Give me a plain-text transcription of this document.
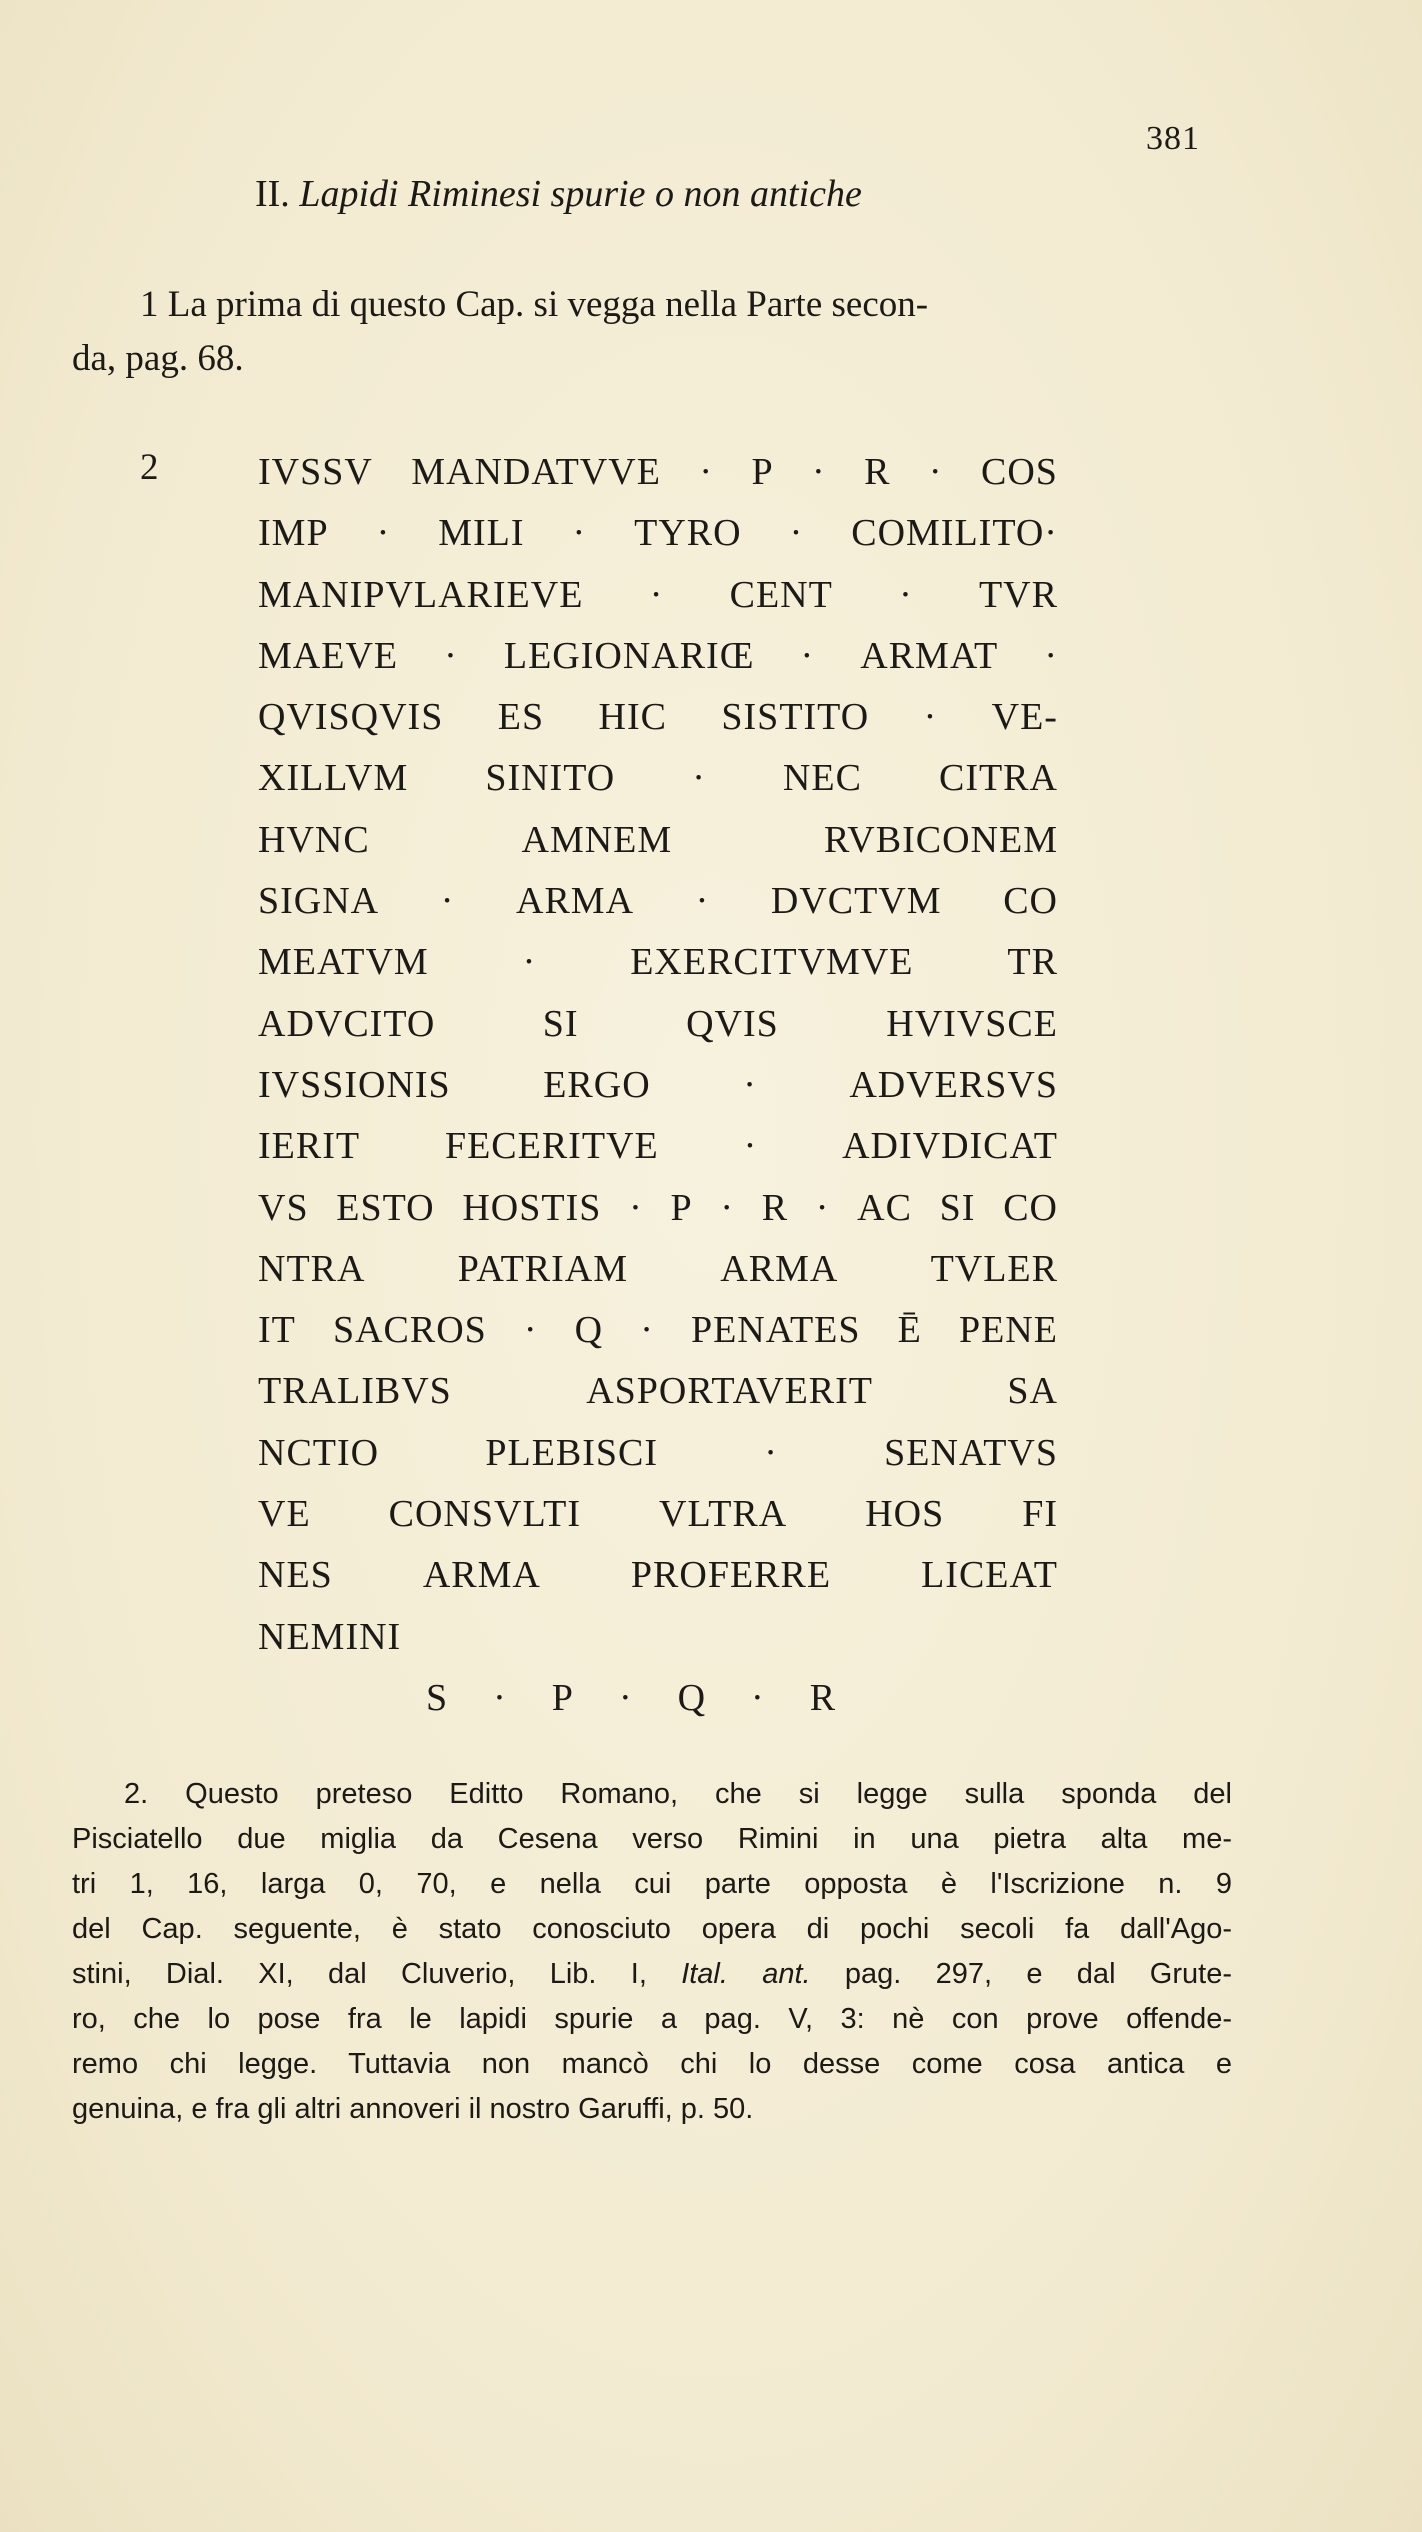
381
II. Lapidi Riminesi spurie o non antiche
1 La prima di questo Cap. si vegga nella Parte secon-
da, pag. 68.
2	IVSSV MANDATVVE · P · R · COS
IMP · MILI · TYRO · COMILITO·
MANIPVLARIEVE · CENT · TVR
MAEVE · LEGIONARIŒ · ARMAT ·
QVISQVIS ES HIC SISTITO · VE-
XILLVM SINITO · NEC CITRA
HVNC	AMNEM	RVBICONEM
SIGNA · ARMA · DVCTVM CO
MEATVM · EXERCITVMVE TR
ADVCITO	SI	QVIS	HVIVSCE
IVSSIONIS ERGO · ADVERSVS
IERIT FECERITVE · ADIVDICAT
VS ESTO HOSTIS · P · R · AC SI CO
NTRA PATRIAM ARMA TVLER
IT SACROS · Q · PENATES Ē PENE
TRALIBVS	ASPORTAVERIT	SA
NCTIO	PLEBISCI	·	SENATVS
VE CONSVLTI VLTRA HOS FI
NES ARMA PROFERRE LICEAT
NEMINI
S · P · Q · R
2. Questo preteso Editto Romano, che si legge sulla sponda del
Pisciatello due miglia da Cesena verso Rimini in una pietra alta me-
tri 1, 16, larga 0, 70, e nella cui parte opposta è l'Iscrizione n. 9
del Cap. seguente, è stato conosciuto opera di pochi secoli fa dall'Ago-
stini, Dial. XI, dal Cluverio, Lib. I, Ital. ant. pag. 297, e dal Grute-
ro, che lo pose fra le lapidi spurie a pag. V, 3: nè con prove offende-
remo chi legge. Tuttavia non mancò chi lo desse come cosa antica e
genuina, e fra gli altri annoveri il nostro Garuffi, p. 50.
